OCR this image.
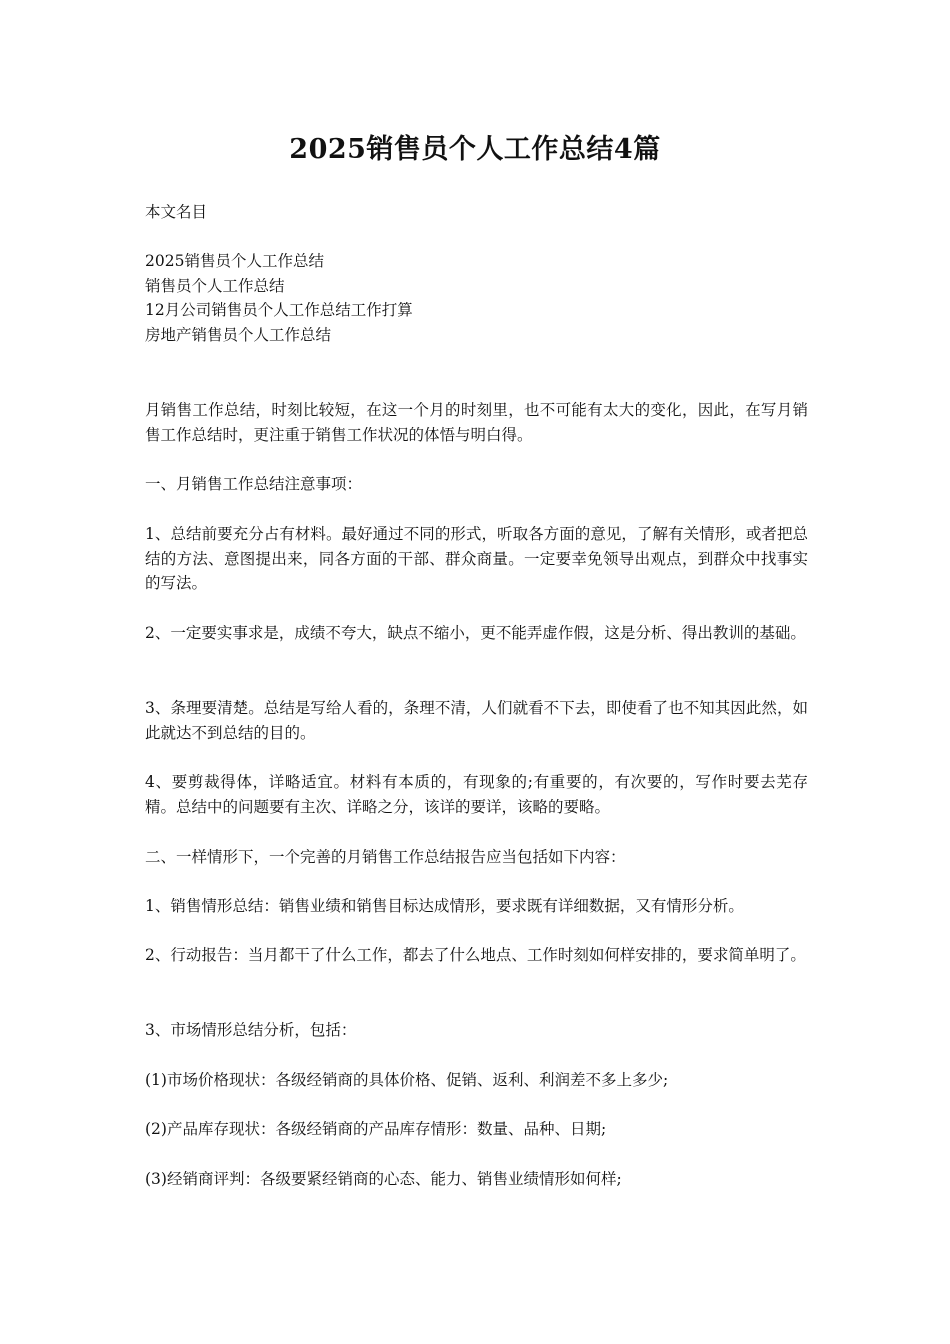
2025销售员个人工作总结4篇
本文名目
2025销售员个人工作总结
销售员个人工作总结
12月公司销售员个人工作总结工作打算
房地产销售员个人工作总结

月销售工作总结，时刻比较短，在这一个月的时刻里，也不可能有太大的变化，因此，在写月销售工作总结时，更注重于销售工作状况的体悟与明白得。

一、月销售工作总结注意事项：

1、总结前要充分占有材料。最好通过不同的形式，听取各方面的意见，了解有关情形，或者把总结的方法、意图提出来，同各方面的干部、群众商量。一定要幸免领导出观点，到群众中找事实的写法。

2、一定要实事求是，成绩不夸大，缺点不缩小，更不能弄虚作假，这是分析、得出教训的基础。

3、条理要清楚。总结是写给人看的，条理不清，人们就看不下去，即使看了也不知其因此然，如此就达不到总结的目的。

4、要剪裁得体，详略适宜。材料有本质的，有现象的;有重要的，有次要的，写作时要去芜存精。总结中的问题要有主次、详略之分，该详的要详，该略的要略。

二、一样情形下，一个完善的月销售工作总结报告应当包括如下内容：

1、销售情形总结：销售业绩和销售目标达成情形，要求既有详细数据，又有情形分析。

2、行动报告：当月都干了什么工作，都去了什么地点、工作时刻如何样安排的，要求简单明了。

3、市场情形总结分析，包括：

(1)市场价格现状：各级经销商的具体价格、促销、返利、利润差不多上多少;

(2)产品库存现状：各级经销商的产品库存情形：数量、品种、日期;

(3)经销商评判：各级要紧经销商的心态、能力、销售业绩情形如何样;
